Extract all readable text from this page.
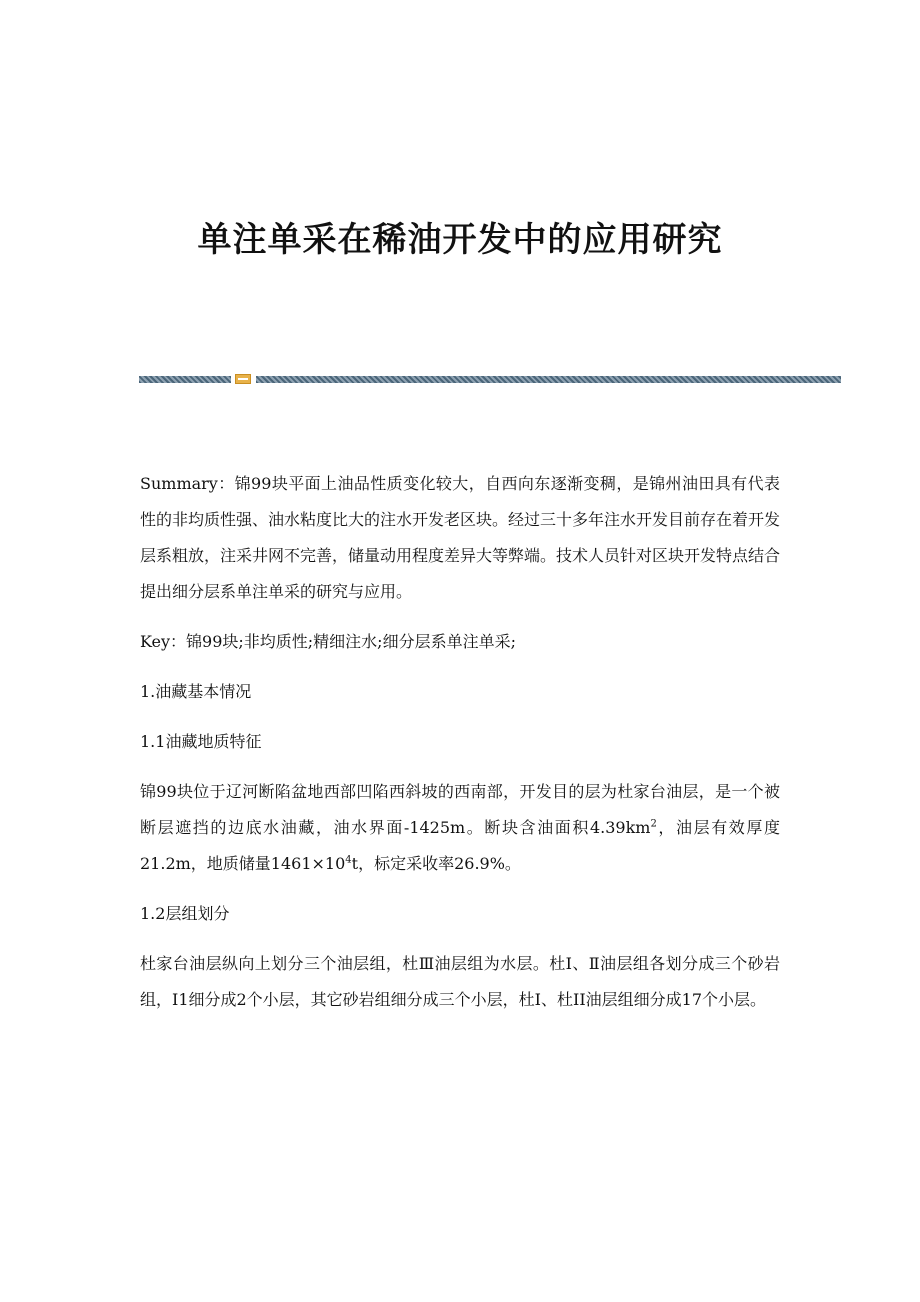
单注单采在稀油开发中的应用研究

Summary：锦99块平面上油品性质变化较大，自西向东逐渐变稠，是锦州油田具有代表性的非均质性强、油水粘度比大的注水开发老区块。经过三十多年注水开发目前存在着开发层系粗放，注采井网不完善，储量动用程度差异大等弊端。技术人员针对区块开发特点结合提出细分层系单注单采的研究与应用。

Key：锦99块;非均质性;精细注水;细分层系单注单采;

1.油藏基本情况

1.1油藏地质特征

锦99块位于辽河断陷盆地西部凹陷西斜坡的西南部，开发目的层为杜家台油层，是一个被断层遮挡的边底水油藏，油水界面-1425m。断块含油面积$4.39km^2$，油层有效厚度21.2m，地质储量$1461\times 10^4t$，标定采收率26.9%。

1.2层组划分

杜家台油层纵向上划分三个油层组，杜Ⅲ油层组为水层。杜Ⅰ、Ⅱ油层组各划分成三个砂岩组，I1细分成2个小层，其它砂岩组细分成三个小层，杜I、杜II油层组细分成17个小层。
